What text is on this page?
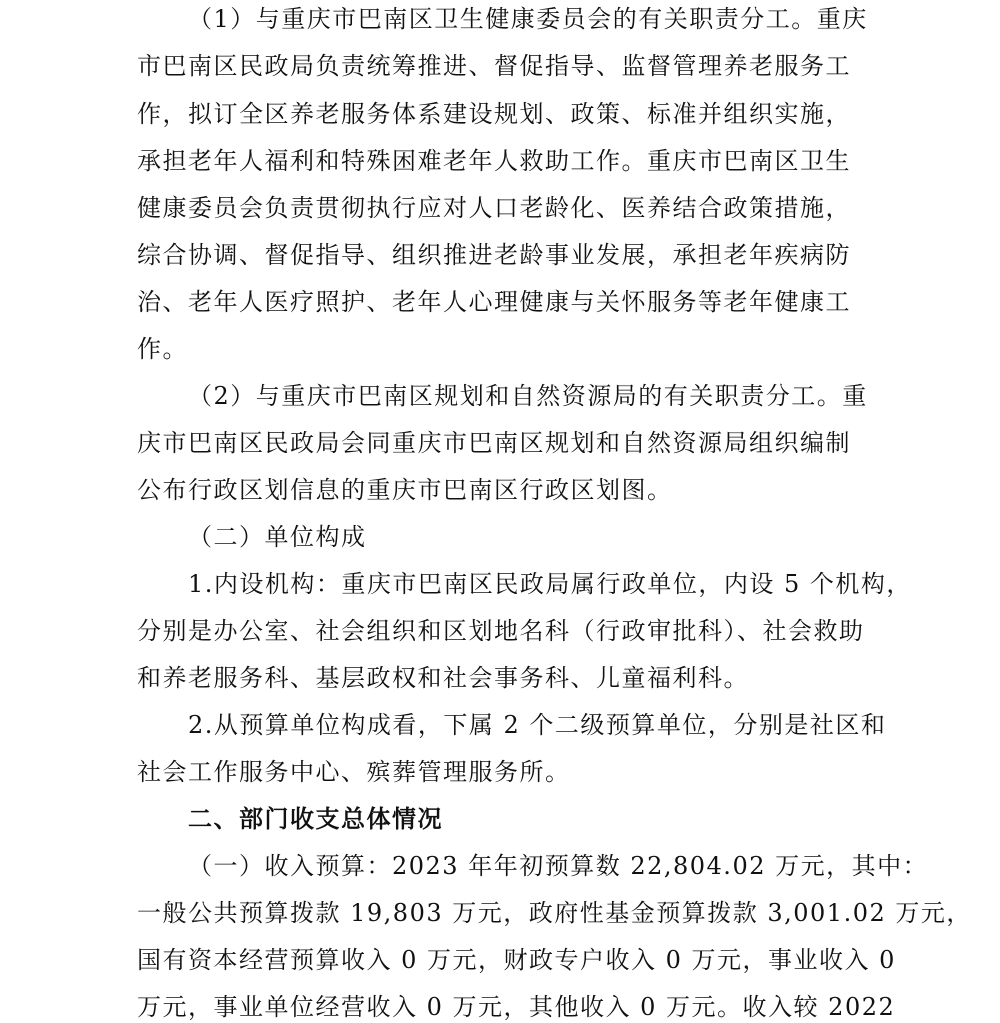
（1）与重庆市巴南区卫生健康委员会的有关职责分工。重庆
市巴南区民政局负责统筹推进、督促指导、监督管理养老服务工
作，拟订全区养老服务体系建设规划、政策、标准并组织实施，
承担老年人福利和特殊困难老年人救助工作。重庆市巴南区卫生
健康委员会负责贯彻执行应对人口老龄化、医养结合政策措施，
综合协调、督促指导、组织推进老龄事业发展，承担老年疾病防
治、老年人医疗照护、老年人心理健康与关怀服务等老年健康工
作。
（2）与重庆市巴南区规划和自然资源局的有关职责分工。重
庆市巴南区民政局会同重庆市巴南区规划和自然资源局组织编制
公布行政区划信息的重庆市巴南区行政区划图。
（二）单位构成
1.内设机构：重庆市巴南区民政局属行政单位，内设 5 个机构，
分别是办公室、社会组织和区划地名科（行政审批科）、社会救助
和养老服务科、基层政权和社会事务科、儿童福利科。
2.从预算单位构成看，下属 2 个二级预算单位，分别是社区和
社会工作服务中心、殡葬管理服务所。
二、部门收支总体情况
（一）收入预算：2023 年年初预算数 22,804.02 万元，其中：
一般公共预算拨款 19,803 万元，政府性基金预算拨款 3,001.02 万元，
国有资本经营预算收入 0 万元，财政专户收入 0 万元，事业收入 0
万元，事业单位经营收入 0 万元，其他收入 0 万元。收入较 2022
